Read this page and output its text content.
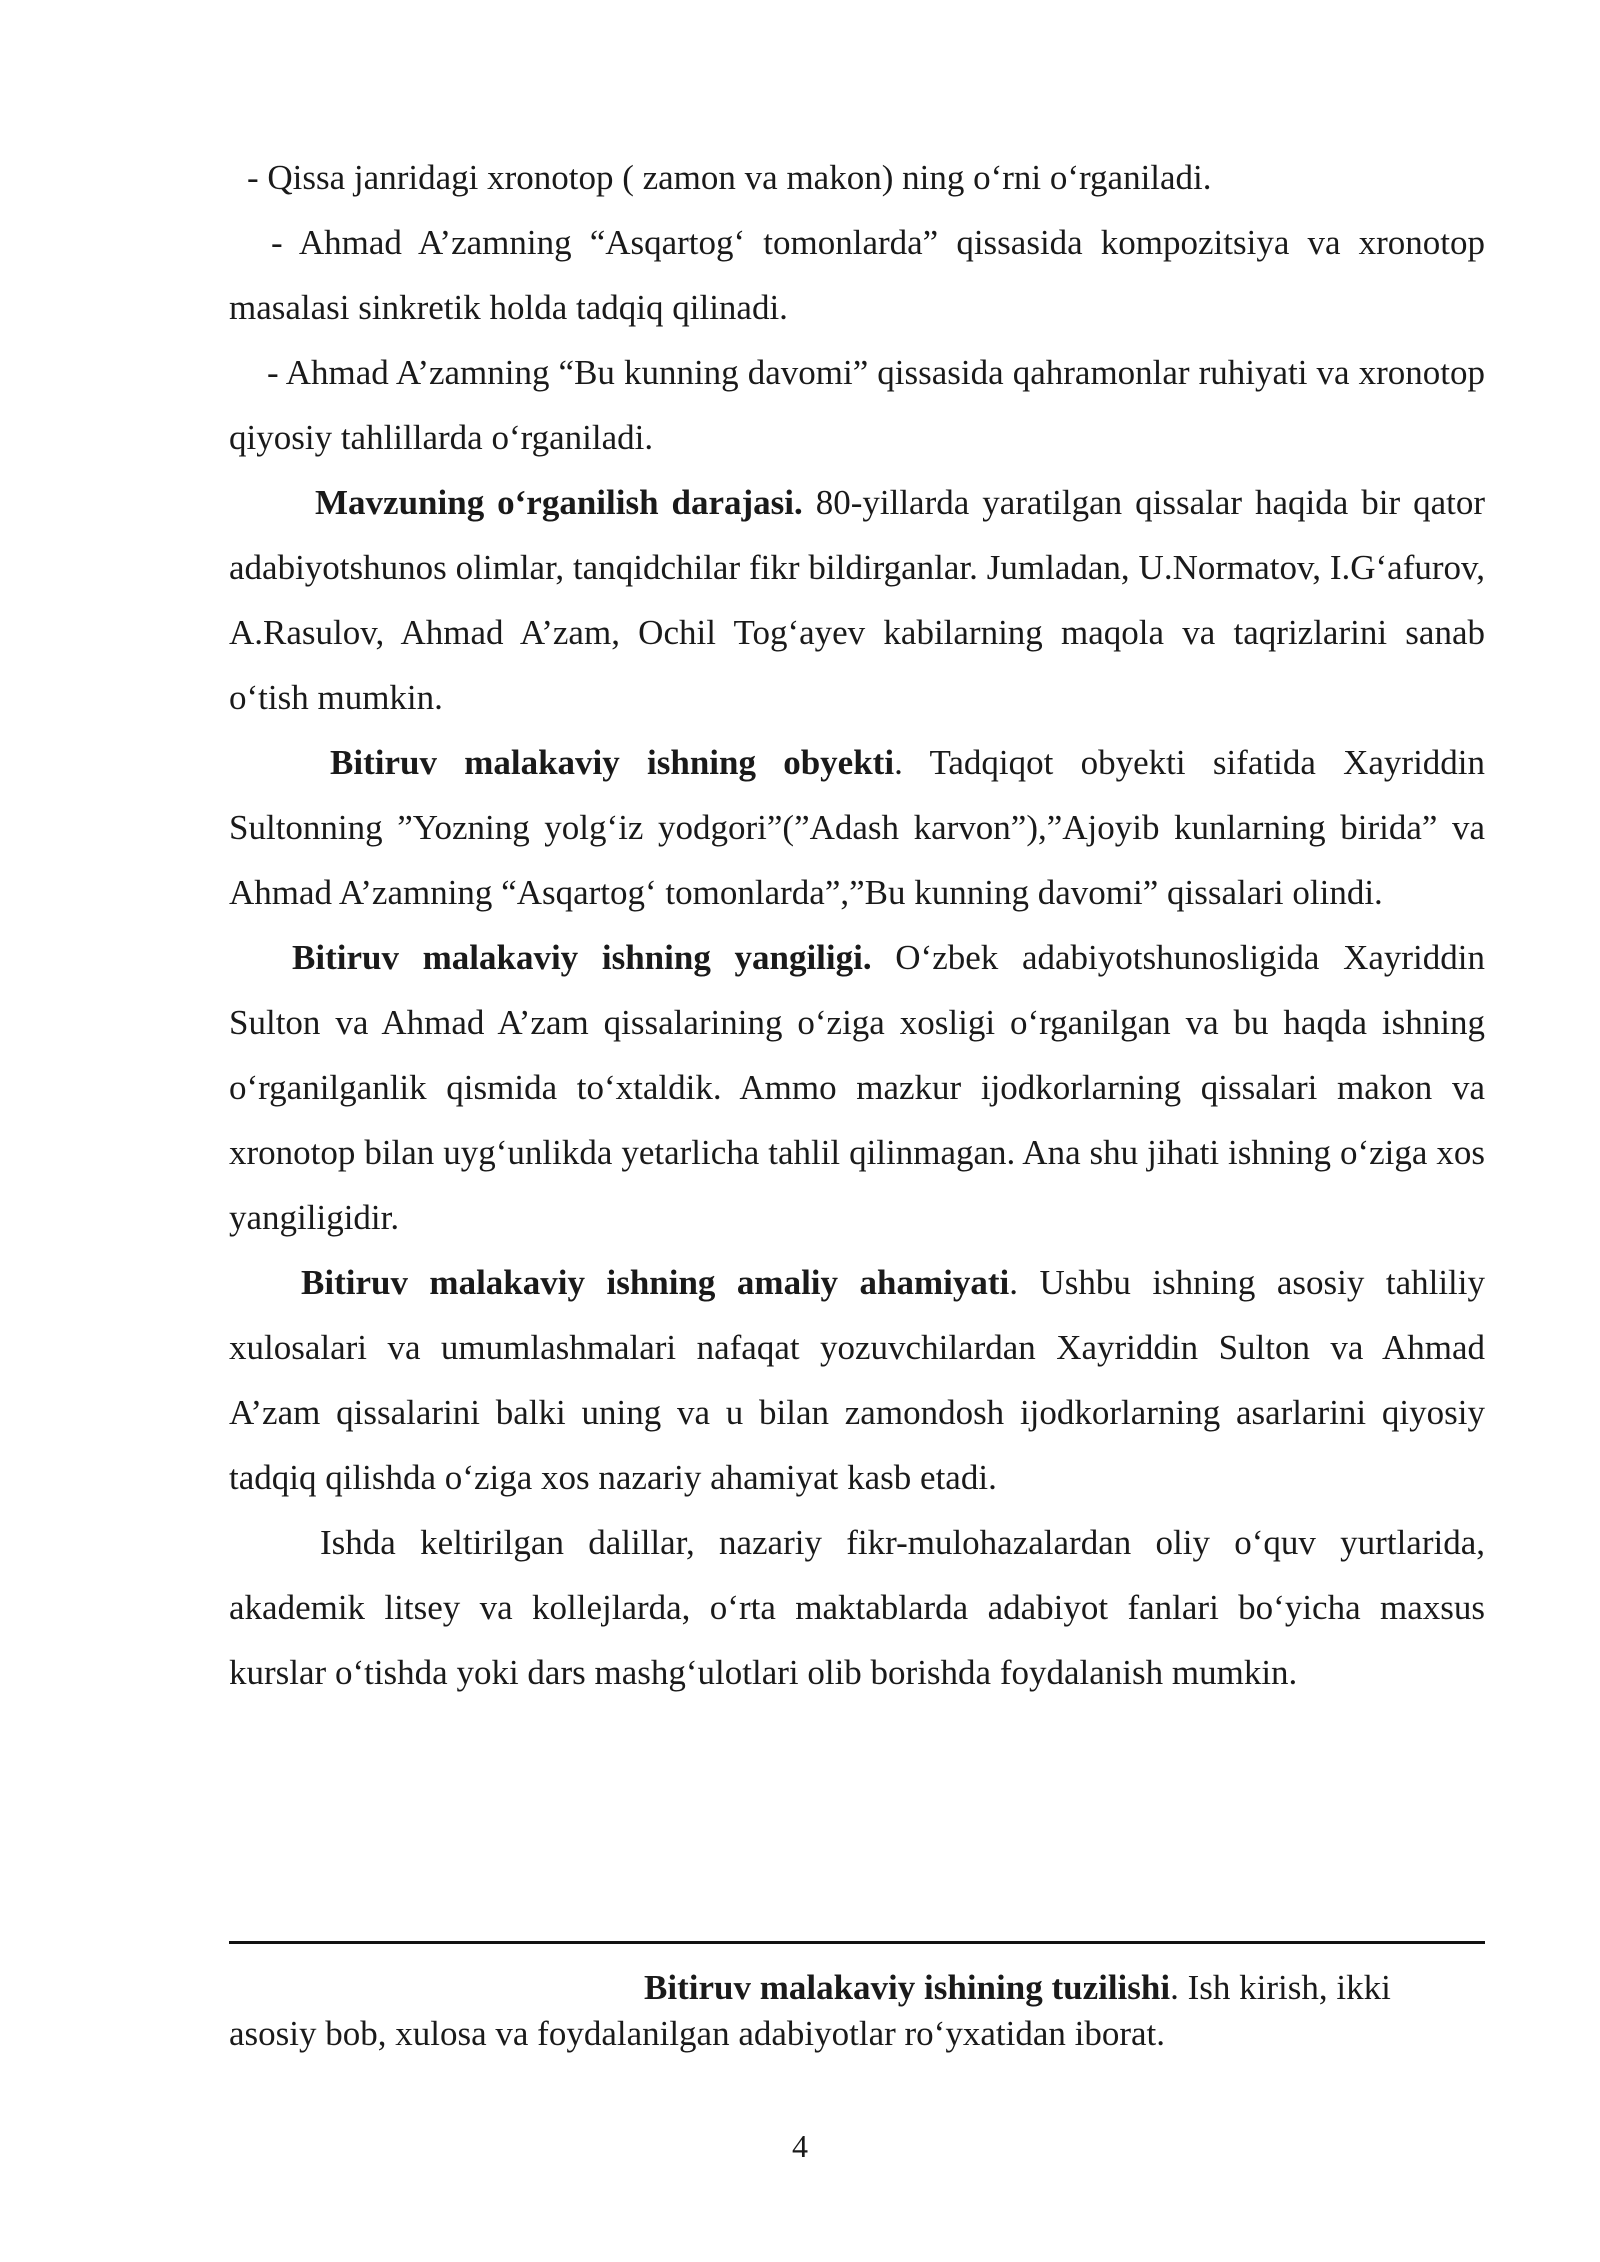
- Qissa janridagi xronotop ( zamon va makon) ning o‘rni o‘rganiladi.

- Ahmad A’zamning “Asqartog‘ tomonlarda” qissasida kompozitsiya va xronotop masalasi sinkretik holda tadqiq qilinadi.

- Ahmad A’zamning “Bu kunning davomi” qissasida qahramonlar ruhiyati va xronotop qiyosiy tahlillarda o‘rganiladi.

Mavzuning o‘rganilish darajasi. 80-yillarda yaratilgan qissalar haqida bir qator adabiyotshunos olimlar, tanqidchilar fikr bildirganlar. Jumladan, U.Normatov, I.G‘afurov, A.Rasulov, Ahmad A’zam, Ochil Tog‘ayev kabilarning maqola va taqrizlarini sanab o‘tish mumkin.

Bitiruv malakaviy ishning obyekti. Tadqiqot obyekti sifatida Xayriddin Sultonning ”Yozning yolg‘iz yodgori”(”Adash karvon”),”Ajoyib kunlarning birida” va Ahmad A’zamning “Asqartog‘ tomonlarda”,”Bu kunning davomi” qissalari olindi.

Bitiruv malakaviy ishning yangiligi. O‘zbek adabiyotshunosligida Xayriddin Sulton va Ahmad A’zam qissalarining o‘ziga xosligi o‘rganilgan va bu haqda ishning o‘rganilganlik qismida to‘xtaldik. Ammo mazkur ijodkorlarning qissalari makon va xronotop bilan uyg‘unlikda yetarlicha tahlil qilinmagan. Ana shu jihati ishning o‘ziga xos yangiligidir.

Bitiruv malakaviy ishning amaliy ahamiyati. Ushbu ishning asosiy tahliliy xulosalari va umumlashmalari nafaqat yozuvchilardan Xayriddin Sulton va Ahmad A’zam qissalarini balki uning va u bilan zamondosh ijodkorlarning asarlarini qiyosiy tadqiq qilishda o‘ziga xos nazariy ahamiyat kasb etadi.

Ishda keltirilgan dalillar, nazariy fikr-mulohazalardan oliy o‘quv yurtlarida, akademik litsey va kollejlarda, o‘rta maktablarda adabiyot fanlari bo‘yicha maxsus kurslar o‘tishda yoki dars mashg‘ulotlari olib borishda foydalanish mumkin.

Bitiruv malakaviy ishining tuzilishi. Ish kirish, ikki asosiy bob, xulosa va foydalanilgan adabiyotlar ro‘yxatidan iborat.

4
